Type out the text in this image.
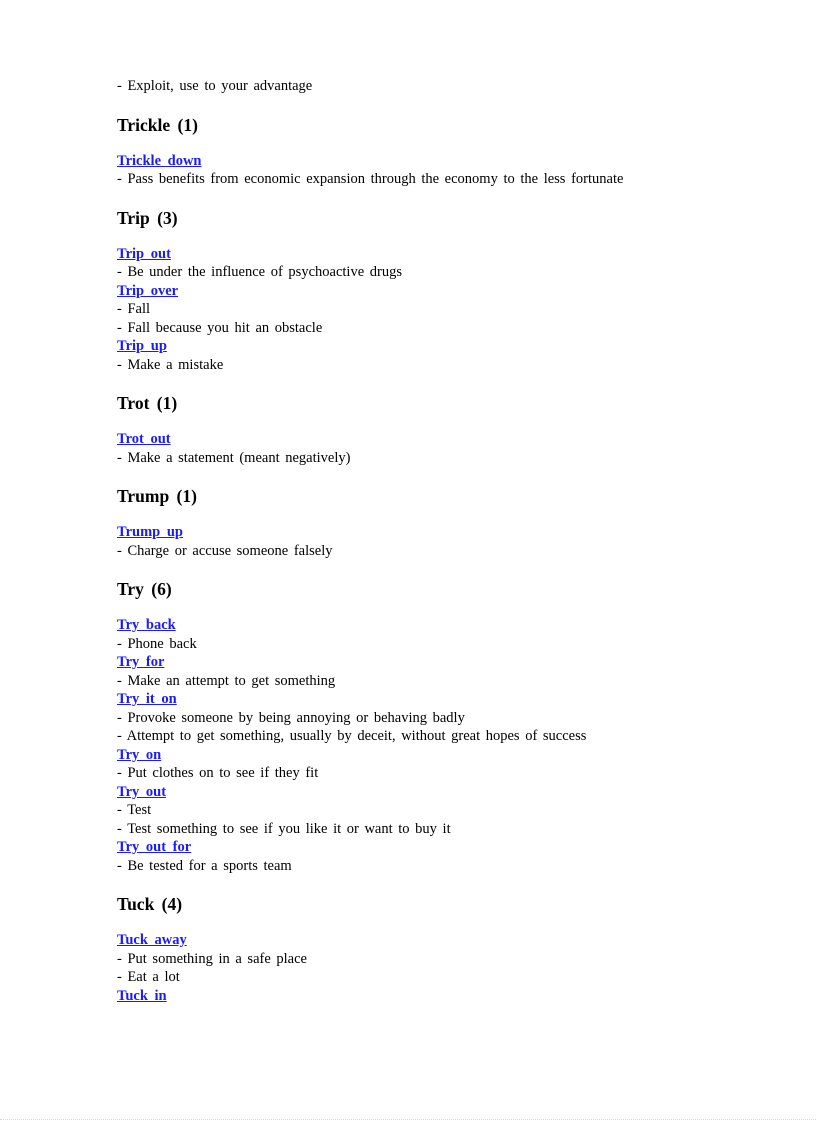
- Exploit, use to your advantage
Trickle (1)
Trickle down
- Pass benefits from economic expansion through the economy to the less fortunate
Trip (3)
Trip out
- Be under the influence of psychoactive drugs
Trip over
- Fall
- Fall because you hit an obstacle
Trip up
- Make a mistake
Trot (1)
Trot out
- Make a statement (meant negatively)
Trump (1)
Trump up
- Charge or accuse someone falsely
Try (6)
Try back
- Phone back
Try for
- Make an attempt to get something
Try it on
- Provoke someone by being annoying or behaving badly
- Attempt to get something, usually by deceit, without great hopes of success
Try on
- Put clothes on to see if they fit
Try out
- Test
- Test something to see if you like it or want to buy it
Try out for
- Be tested for a sports team
Tuck (4)
Tuck away
- Put something in a safe place
- Eat a lot
Tuck in
